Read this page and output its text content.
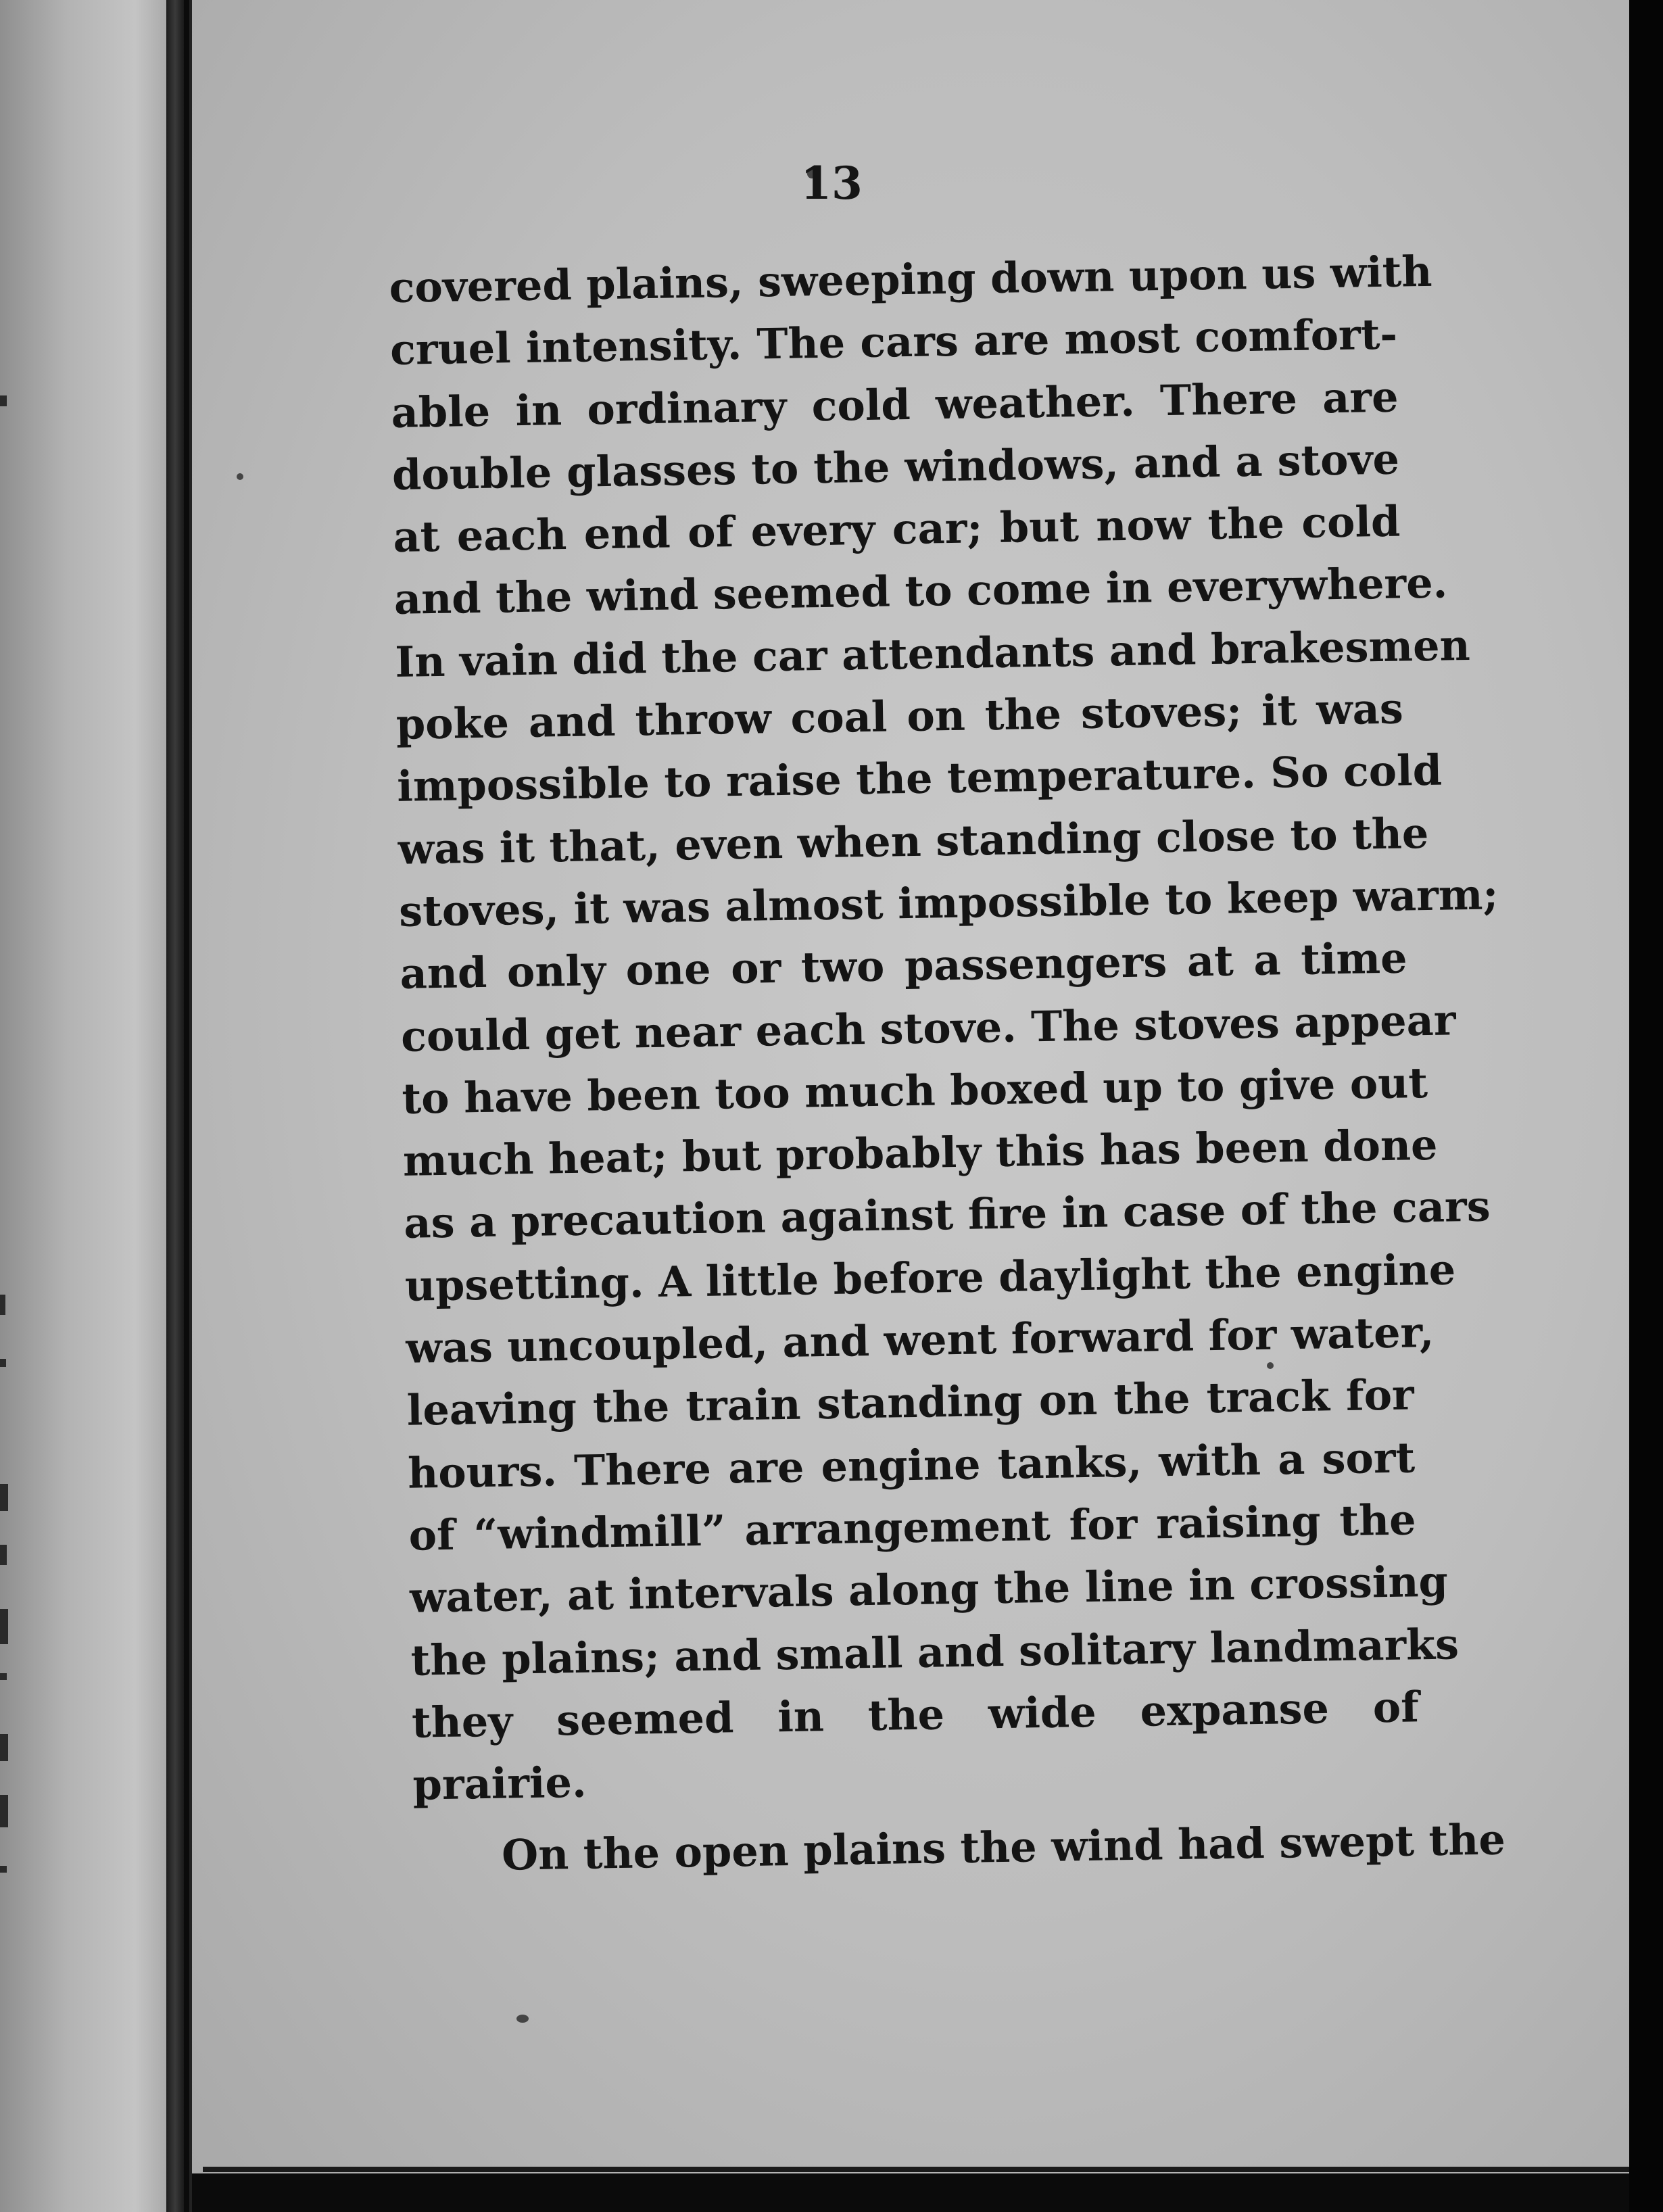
13

covered plains, sweeping down upon us with
cruel intensity. The cars are most comfort-
able in ordinary cold weather. There are
double glasses to the windows, and a stove
at each end of every car; but now the cold
and the wind seemed to come in everywhere.
In vain did the car attendants and brakesmen
poke and throw coal on the stoves; it was
impossible to raise the temperature. So cold
was it that, even when standing close to the
stoves, it was almost impossible to keep warm;
and only one or two passengers at a time
could get near each stove. The stoves appear
to have been too much boxed up to give out
much heat; but probably this has been done
as a precaution against fire in case of the cars
upsetting. A little before daylight the engine
was uncoupled, and went forward for water,
leaving the train standing on the track for
hours. There are engine tanks, with a sort
of “windmill” arrangement for raising the
water, at intervals along the line in crossing
the plains; and small and solitary landmarks
they seemed in the wide expanse of
prairie.
On the open plains the wind had swept the
